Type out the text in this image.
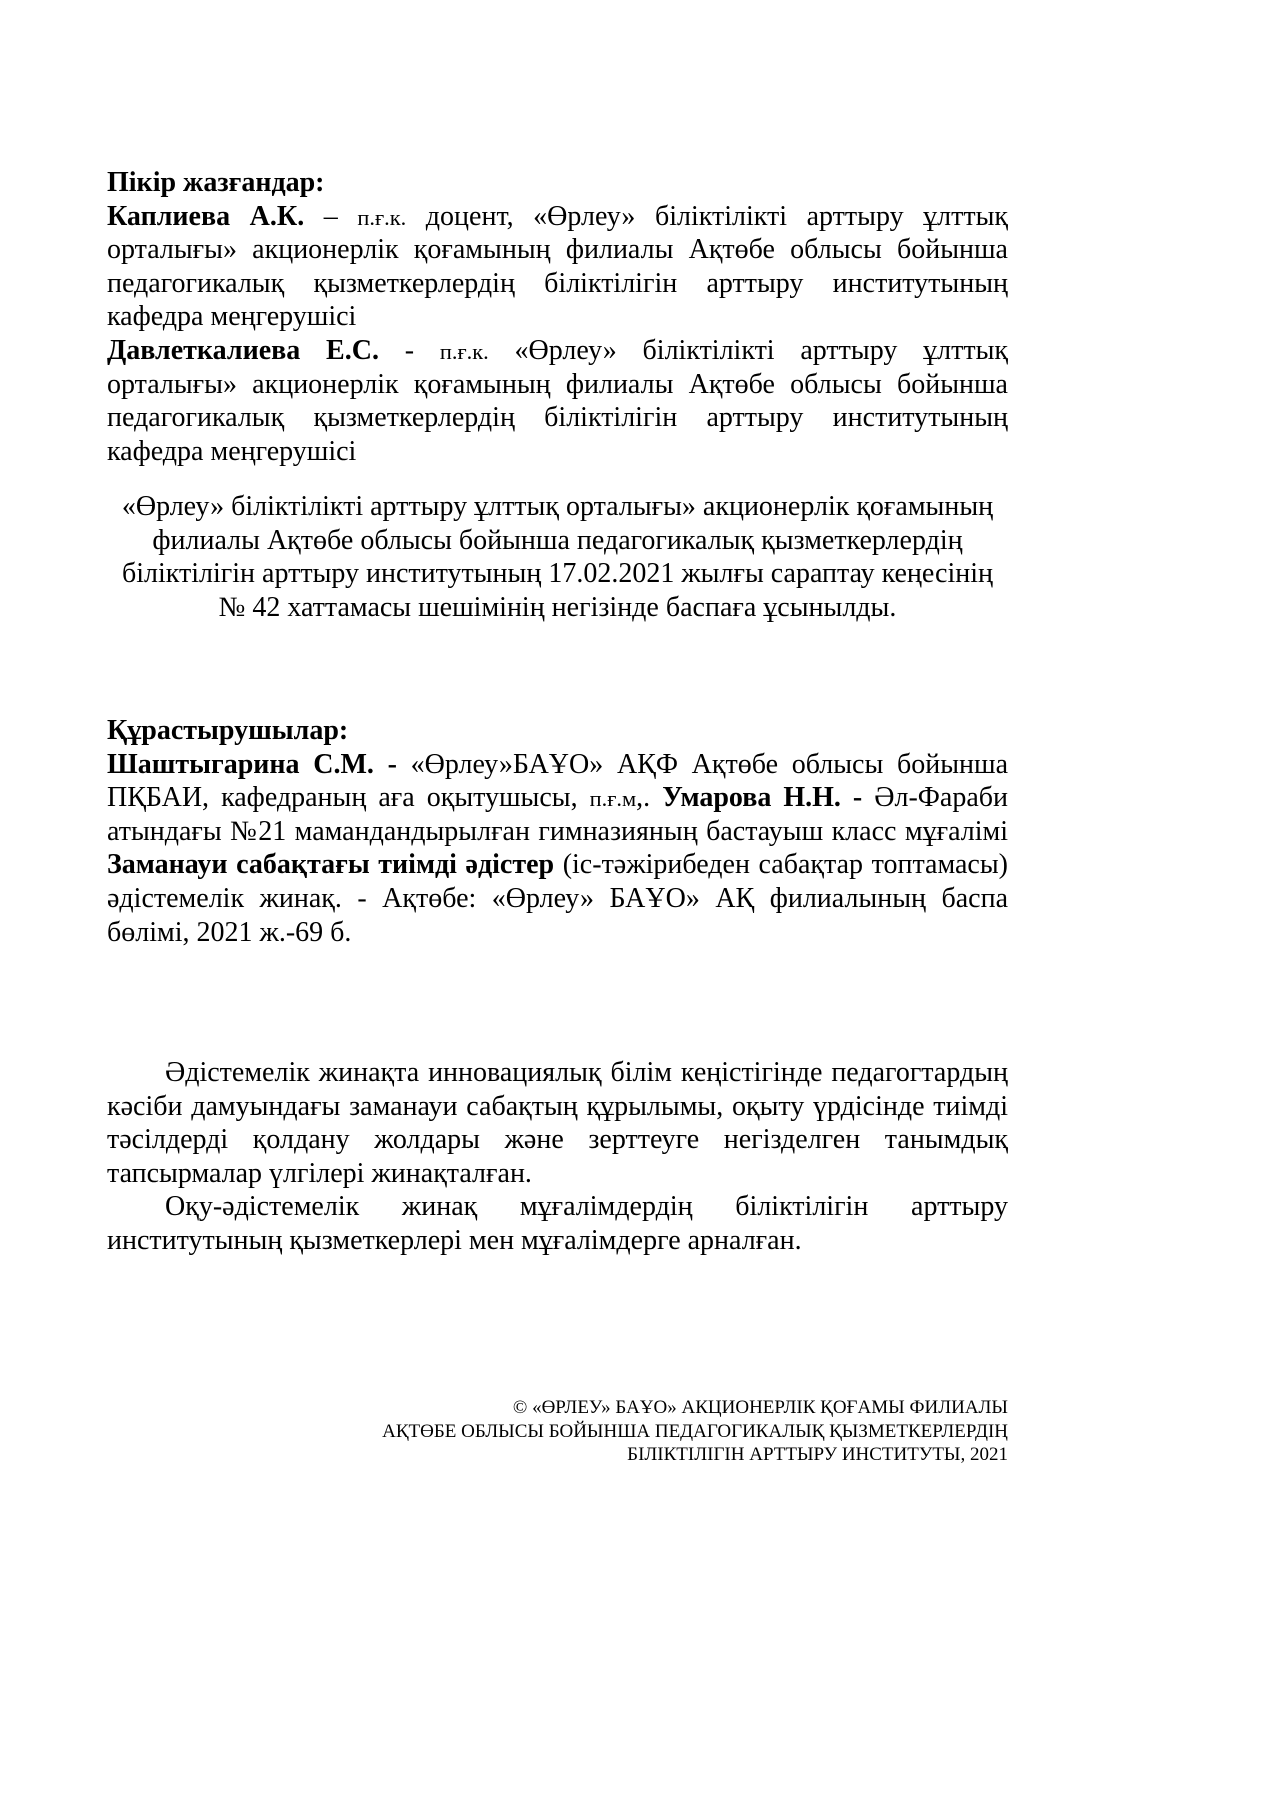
Пікір жазғандар:

Каплиева А.К. – п.ғ.к. доцент, «Өрлеу» біліктілікті арттыру ұлттық орталығы» акционерлік қоғамының филиалы Ақтөбе облысы бойынша педагогикалық қызметкерлердің біліктілігін арттыру институтының кафедра меңгерушісі

Давлеткалиева Е.С. - п.ғ.к. «Өрлеу» біліктілікті арттыру ұлттық орталығы» акционерлік қоғамының филиалы Ақтөбе облысы бойынша педагогикалық қызметкерлердің біліктілігін арттыру институтының кафедра меңгерушісі

«Өрлеу» біліктілікті арттыру ұлттық орталығы» акционерлік қоғамының филиалы Ақтөбе облысы бойынша педагогикалық қызметкерлердің біліктілігін арттыру институтының 17.02.2021 жылғы сараптау кеңесінің № 42 хаттамасы шешімінің негізінде баспаға ұсынылды.

Құрастырушылар:

Шаштыгарина С.М. - «Өрлеу»БАҰО» АҚФ Ақтөбе облысы бойынша ПҚБАИ, кафедраның аға оқытушысы, п.ғ.м,. Умарова Н.Н. - Әл-Фараби атындағы №21 мамандандырылған гимназияның бастауыш класс мұғалімі Заманауи сабақтағы тиімді әдістер (іс-тәжірибеден сабақтар топтамасы) әдістемелік жинақ. - Ақтөбе: «Өрлеу» БАҰО» АҚ филиалының баспа бөлімі, 2021 ж.-69 б.

Әдістемелік жинақта инновациялық білім кеңістігінде педагогтардың кәсіби дамуындағы заманауи сабақтың құрылымы, оқыту үрдісінде тиімді тәсілдерді қолдану жолдары және зерттеуге негізделген танымдық тапсырмалар үлгілері жинақталған.

Оқу-әдістемелік жинақ мұғалімдердің біліктілігін арттыру институтының қызметкерлері мен мұғалімдерге арналған.

© «ӨРЛЕУ» БАҰО» АКЦИОНЕРЛІК ҚОҒАМЫ ФИЛИАЛЫ
АҚТӨБЕ ОБЛЫСЫ БОЙЫНША ПЕДАГОГИКАЛЫҚ ҚЫЗМЕТКЕРЛЕРДІҢ
БІЛІКТІЛІГІН АРТТЫРУ ИНСТИТУТЫ, 2021
